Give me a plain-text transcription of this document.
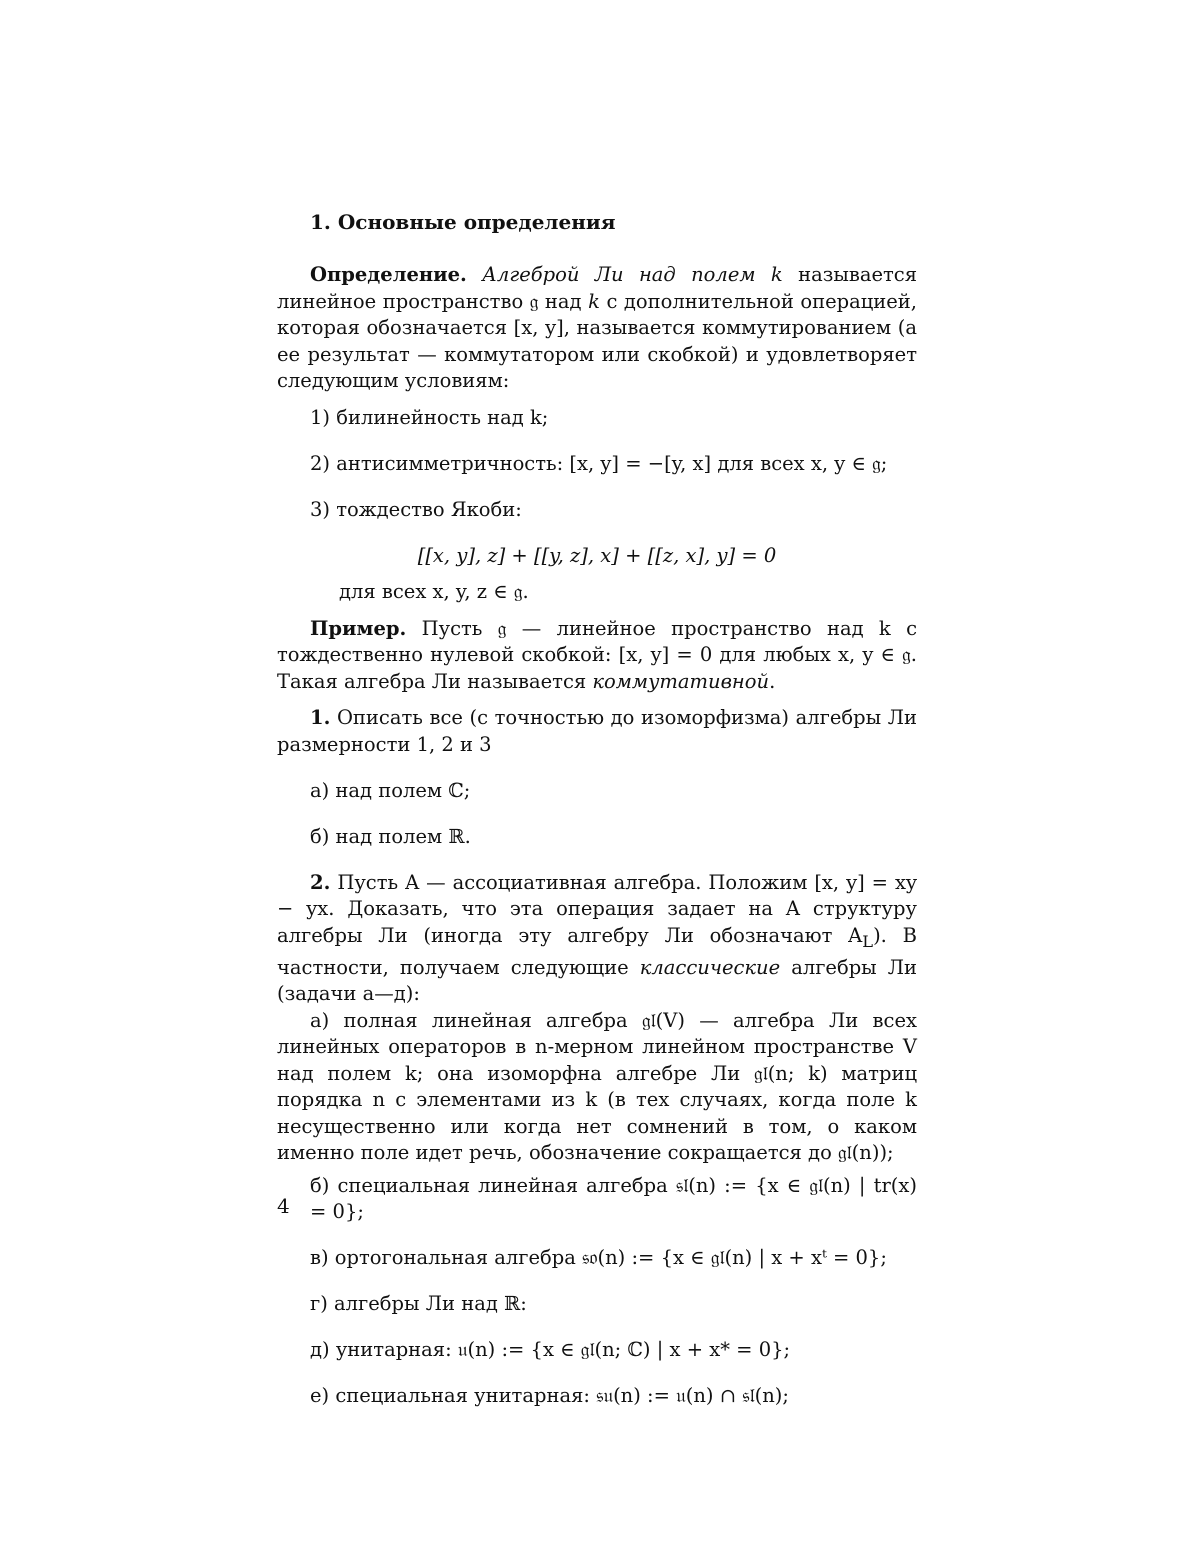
1. Основные определения

Определение. Алгеброй Ли над полем k называется линейное пространство 𝔤 над k с дополнительной операцией, которая обозначается [x, y], называется коммутированием (а ее результат — коммутатором или скобкой) и удовлетворяет следующим условиям:

1) билинейность над k;

2) антисимметричность: [x, y] = −[y, x] для всех x, y ∈ 𝔤;

3) тождество Якоби:

[[x, y], z] + [[y, z], x] + [[z, x], y] = 0

для всех x, y, z ∈ 𝔤.

Пример. Пусть 𝔤 — линейное пространство над k с тождественно нулевой скобкой: [x, y] = 0 для любых x, y ∈ 𝔤. Такая алгебра Ли называется коммутативной.

1. Описать все (с точностью до изоморфизма) алгебры Ли размерности 1, 2 и 3

а) над полем ℂ;

б) над полем ℝ.

2. Пусть A — ассоциативная алгебра. Положим [x, y] = xy − yx. Доказать, что эта операция задает на A структуру алгебры Ли (иногда эту алгебру Ли обозначают $A_L$). В частности, получаем следующие классические алгебры Ли (задачи а—д):

а) полная линейная алгебра 𝔤𝔩(V) — алгебра Ли всех линейных операторов в n-мерном линейном пространстве V над полем k; она изоморфна алгебре Ли 𝔤𝔩(n; k) матриц порядка n с элементами из k (в тех случаях, когда поле k несущественно или когда нет сомнений в том, о каком именно поле идет речь, обозначение сокращается до 𝔤𝔩(n));

б) специальная линейная алгебра 𝔰𝔩(n) := {x ∈ 𝔤𝔩(n) | tr(x) = 0};

в) ортогональная алгебра 𝔰𝔬(n) := {x ∈ 𝔤𝔩(n) | x + xᵗ = 0};

г) алгебры Ли над ℝ:

д) унитарная: 𝔲(n) := {x ∈ 𝔤𝔩(n; ℂ) | x + x* = 0};

е) специальная унитарная: 𝔰𝔲(n) := 𝔲(n) ∩ 𝔰𝔩(n);

4
